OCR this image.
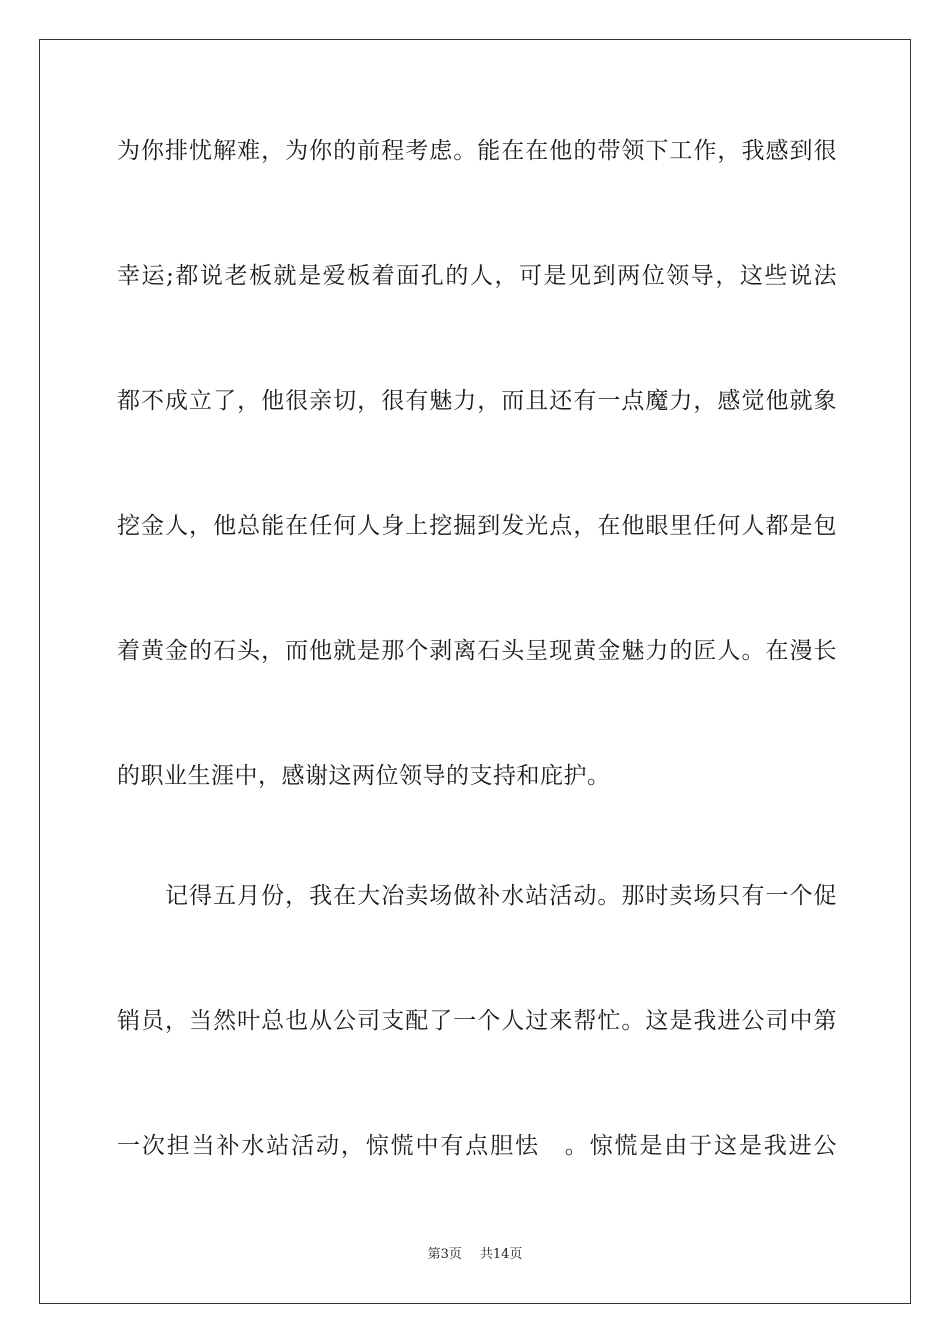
为你排忧解难，为你的前程考虑。能在在他的带领下工作，我感到很
幸运;都说老板就是爱板着面孔的人，可是见到两位领导，这些说法
都不成立了，他很亲切，很有魅力，而且还有一点魔力，感觉他就象
挖金人，他总能在任何人身上挖掘到发光点，在他眼里任何人都是包
着黄金的石头，而他就是那个剥离石头呈现黄金魅力的匠人。在漫长
的职业生涯中，感谢这两位领导的支持和庇护。
　　记得五月份，我在大冶卖场做补水站活动。那时卖场只有一个促
销员，当然叶总也从公司支配了一个人过来帮忙。这是我进公司中第
一次担当补水站活动，惊慌中有点胆怯　。惊慌是由于这是我进公
第3页 共14页
